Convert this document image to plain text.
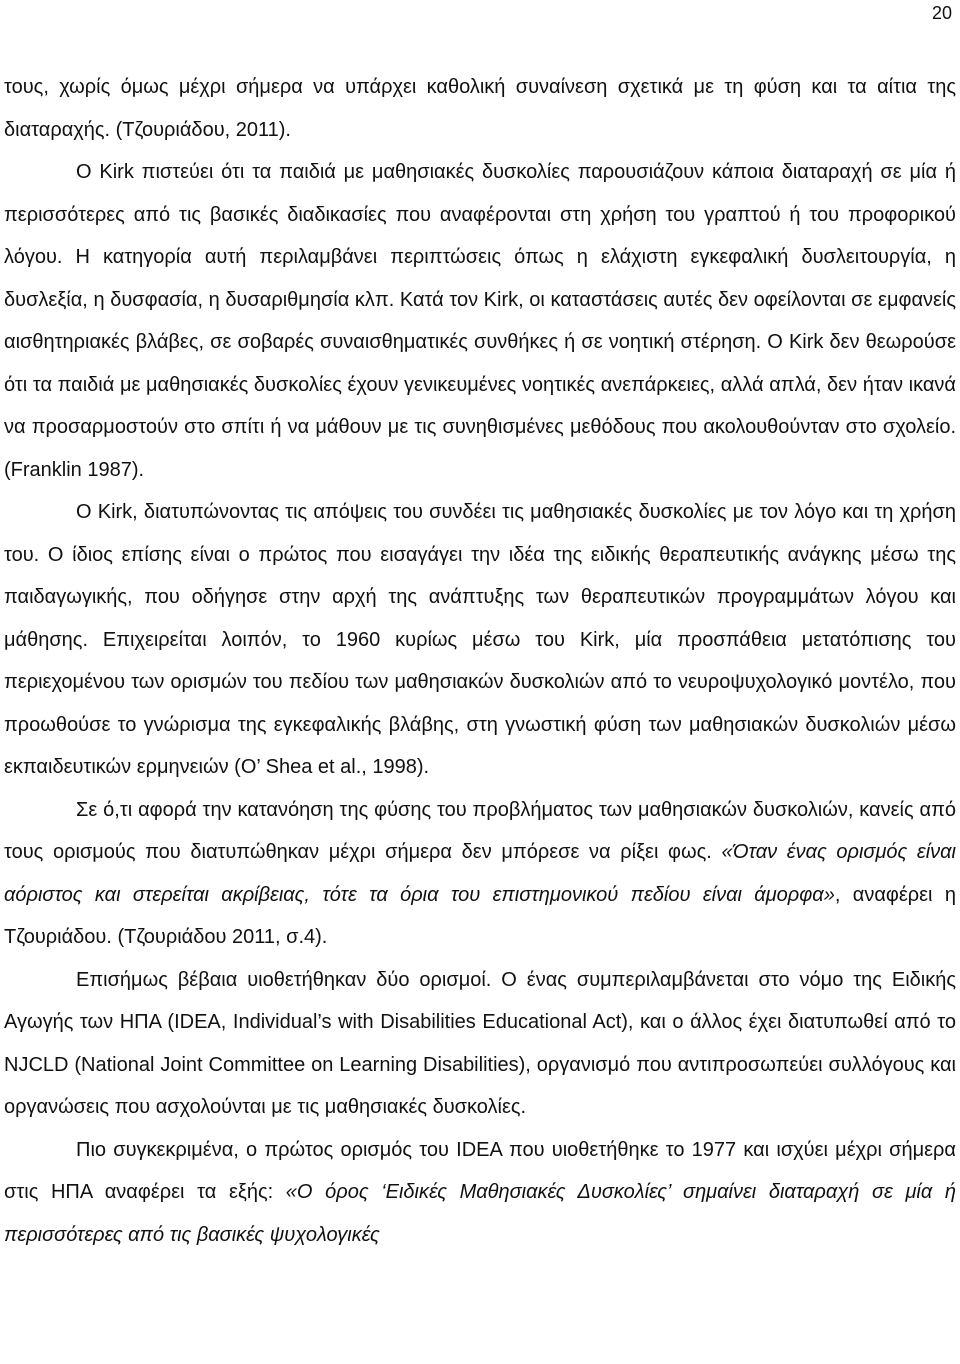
20

τους, χωρίς όμως μέχρι σήμερα να υπάρχει καθολική συναίνεση σχετικά με τη φύση και τα αίτια της διαταραχής. (Τζουριάδου, 2011).

Ο Kirk πιστεύει ότι τα παιδιά με μαθησιακές δυσκολίες παρουσιάζουν κάποια διαταραχή σε μία ή περισσότερες από τις βασικές διαδικασίες που αναφέρονται στη χρήση του γραπτού ή του προφορικού λόγου. Η κατηγορία αυτή περιλαμβάνει περιπτώσεις όπως η ελάχιστη εγκεφαλική δυσλειτουργία, η δυσλεξία, η δυσφασία, η δυσαριθμησία κλπ. Κατά τον Kirk, οι καταστάσεις αυτές δεν οφείλονται σε εμφανείς αισθητηριακές βλάβες, σε σοβαρές συναισθηματικές συνθήκες ή σε νοητική στέρηση. Ο Kirk δεν θεωρούσε ότι τα παιδιά με μαθησιακές δυσκολίες έχουν γενικευμένες νοητικές ανεπάρκειες, αλλά απλά, δεν ήταν ικανά να προσαρμοστούν στο σπίτι ή να μάθουν με τις συνηθισμένες μεθόδους που ακολουθούνταν στο σχολείο. (Franklin 1987).

Ο Kirk, διατυπώνοντας τις απόψεις του συνδέει τις μαθησιακές δυσκολίες με τον λόγο και τη χρήση του. Ο ίδιος επίσης είναι ο πρώτος που εισαγάγει την ιδέα της ειδικής θεραπευτικής ανάγκης μέσω της παιδαγωγικής, που οδήγησε στην αρχή της ανάπτυξης των θεραπευτικών προγραμμάτων λόγου και μάθησης. Επιχειρείται λοιπόν, το 1960 κυρίως μέσω του Kirk, μία προσπάθεια μετατόπισης του περιεχομένου των ορισμών του πεδίου των μαθησιακών δυσκολιών από το νευροψυχολογικό μοντέλο, που προωθούσε το γνώρισμα της εγκεφαλικής βλάβης, στη γνωστική φύση των μαθησιακών δυσκολιών μέσω εκπαιδευτικών ερμηνειών (O’ Shea et al., 1998).

Σε ό,τι αφορά την κατανόηση της φύσης του προβλήματος των μαθησιακών δυσκολιών, κανείς από τους ορισμούς που διατυπώθηκαν μέχρι σήμερα δεν μπόρεσε να ρίξει φως. «Όταν ένας ορισμός είναι αόριστος και στερείται ακρίβειας, τότε τα όρια του επιστημονικού πεδίου είναι άμορφα», αναφέρει η Τζουριάδου. (Τζουριάδου 2011, σ.4).

Επισήμως βέβαια υιοθετήθηκαν δύο ορισμοί. Ο ένας συμπεριλαμβάνεται στο νόμο της Ειδικής Αγωγής των ΗΠΑ (IDEA, Individual’s with Disabilities Educational Act), και ο άλλος έχει διατυπωθεί από το NJCLD (National Joint Committee on Learning Disabilities), οργανισμό που αντιπροσωπεύει συλλόγους και οργανώσεις που ασχολούνται με τις μαθησιακές δυσκολίες.

Πιο συγκεκριμένα, ο πρώτος ορισμός του IDEA που υιοθετήθηκε το 1977 και ισχύει μέχρι σήμερα στις ΗΠΑ αναφέρει τα εξής: «Ο όρος ‘Ειδικές Μαθησιακές Δυσκολίες’ σημαίνει διαταραχή σε μία ή περισσότερες από τις βασικές ψυχολογικές
